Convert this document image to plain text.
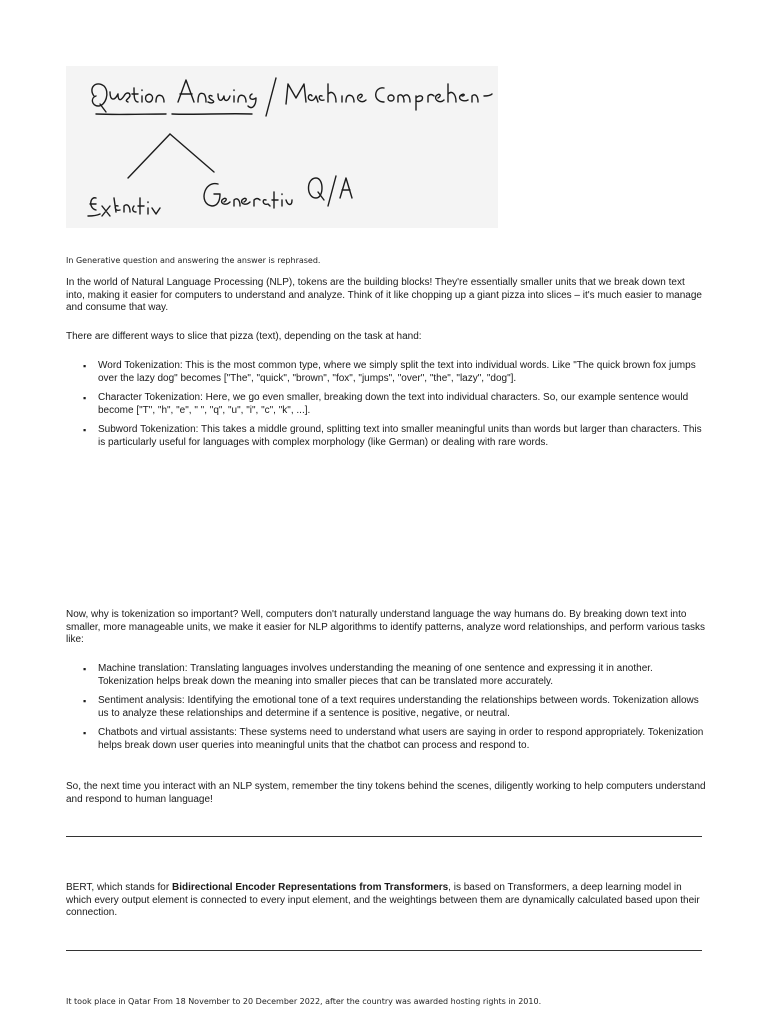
In Generative question and answering the answer is rephrased.

In the world of Natural Language Processing (NLP), tokens are the building blocks! They're essentially smaller units that we break down text into, making it easier for computers to understand and analyze. Think of it like chopping up a giant pizza into slices – it's much easier to manage and consume that way.

There are different ways to slice that pizza (text), depending on the task at hand:

▪ Word Tokenization: This is the most common type, where we simply split the text into individual words. Like "The quick brown fox jumps over the lazy dog" becomes ["The", "quick", "brown", "fox", "jumps", "over", "the", "lazy", "dog"].
▪ Character Tokenization: Here, we go even smaller, breaking down the text into individual characters. So, our example sentence would become ["T", "h", "e", " ", "q", "u", "i", "c", "k", ...].
▪ Subword Tokenization: This takes a middle ground, splitting text into smaller meaningful units than words but larger than characters. This is particularly useful for languages with complex morphology (like German) or dealing with rare words.

Now, why is tokenization so important? Well, computers don't naturally understand language the way humans do. By breaking down text into smaller, more manageable units, we make it easier for NLP algorithms to identify patterns, analyze word relationships, and perform various tasks like:

▪ Machine translation: Translating languages involves understanding the meaning of one sentence and expressing it in another. Tokenization helps break down the meaning into smaller pieces that can be translated more accurately.
▪ Sentiment analysis: Identifying the emotional tone of a text requires understanding the relationships between words. Tokenization allows us to analyze these relationships and determine if a sentence is positive, negative, or neutral.
▪ Chatbots and virtual assistants: These systems need to understand what users are saying in order to respond appropriately. Tokenization helps break down user queries into meaningful units that the chatbot can process and respond to.

So, the next time you interact with an NLP system, remember the tiny tokens behind the scenes, diligently working to help computers understand and respond to human language!

BERT, which stands for Bidirectional Encoder Representations from Transformers, is based on Transformers, a deep learning model in which every output element is connected to every input element, and the weightings between them are dynamically calculated based upon their connection.

It took place in Qatar From 18 November to 20 December 2022, after the country was awarded hosting rights in 2010.
